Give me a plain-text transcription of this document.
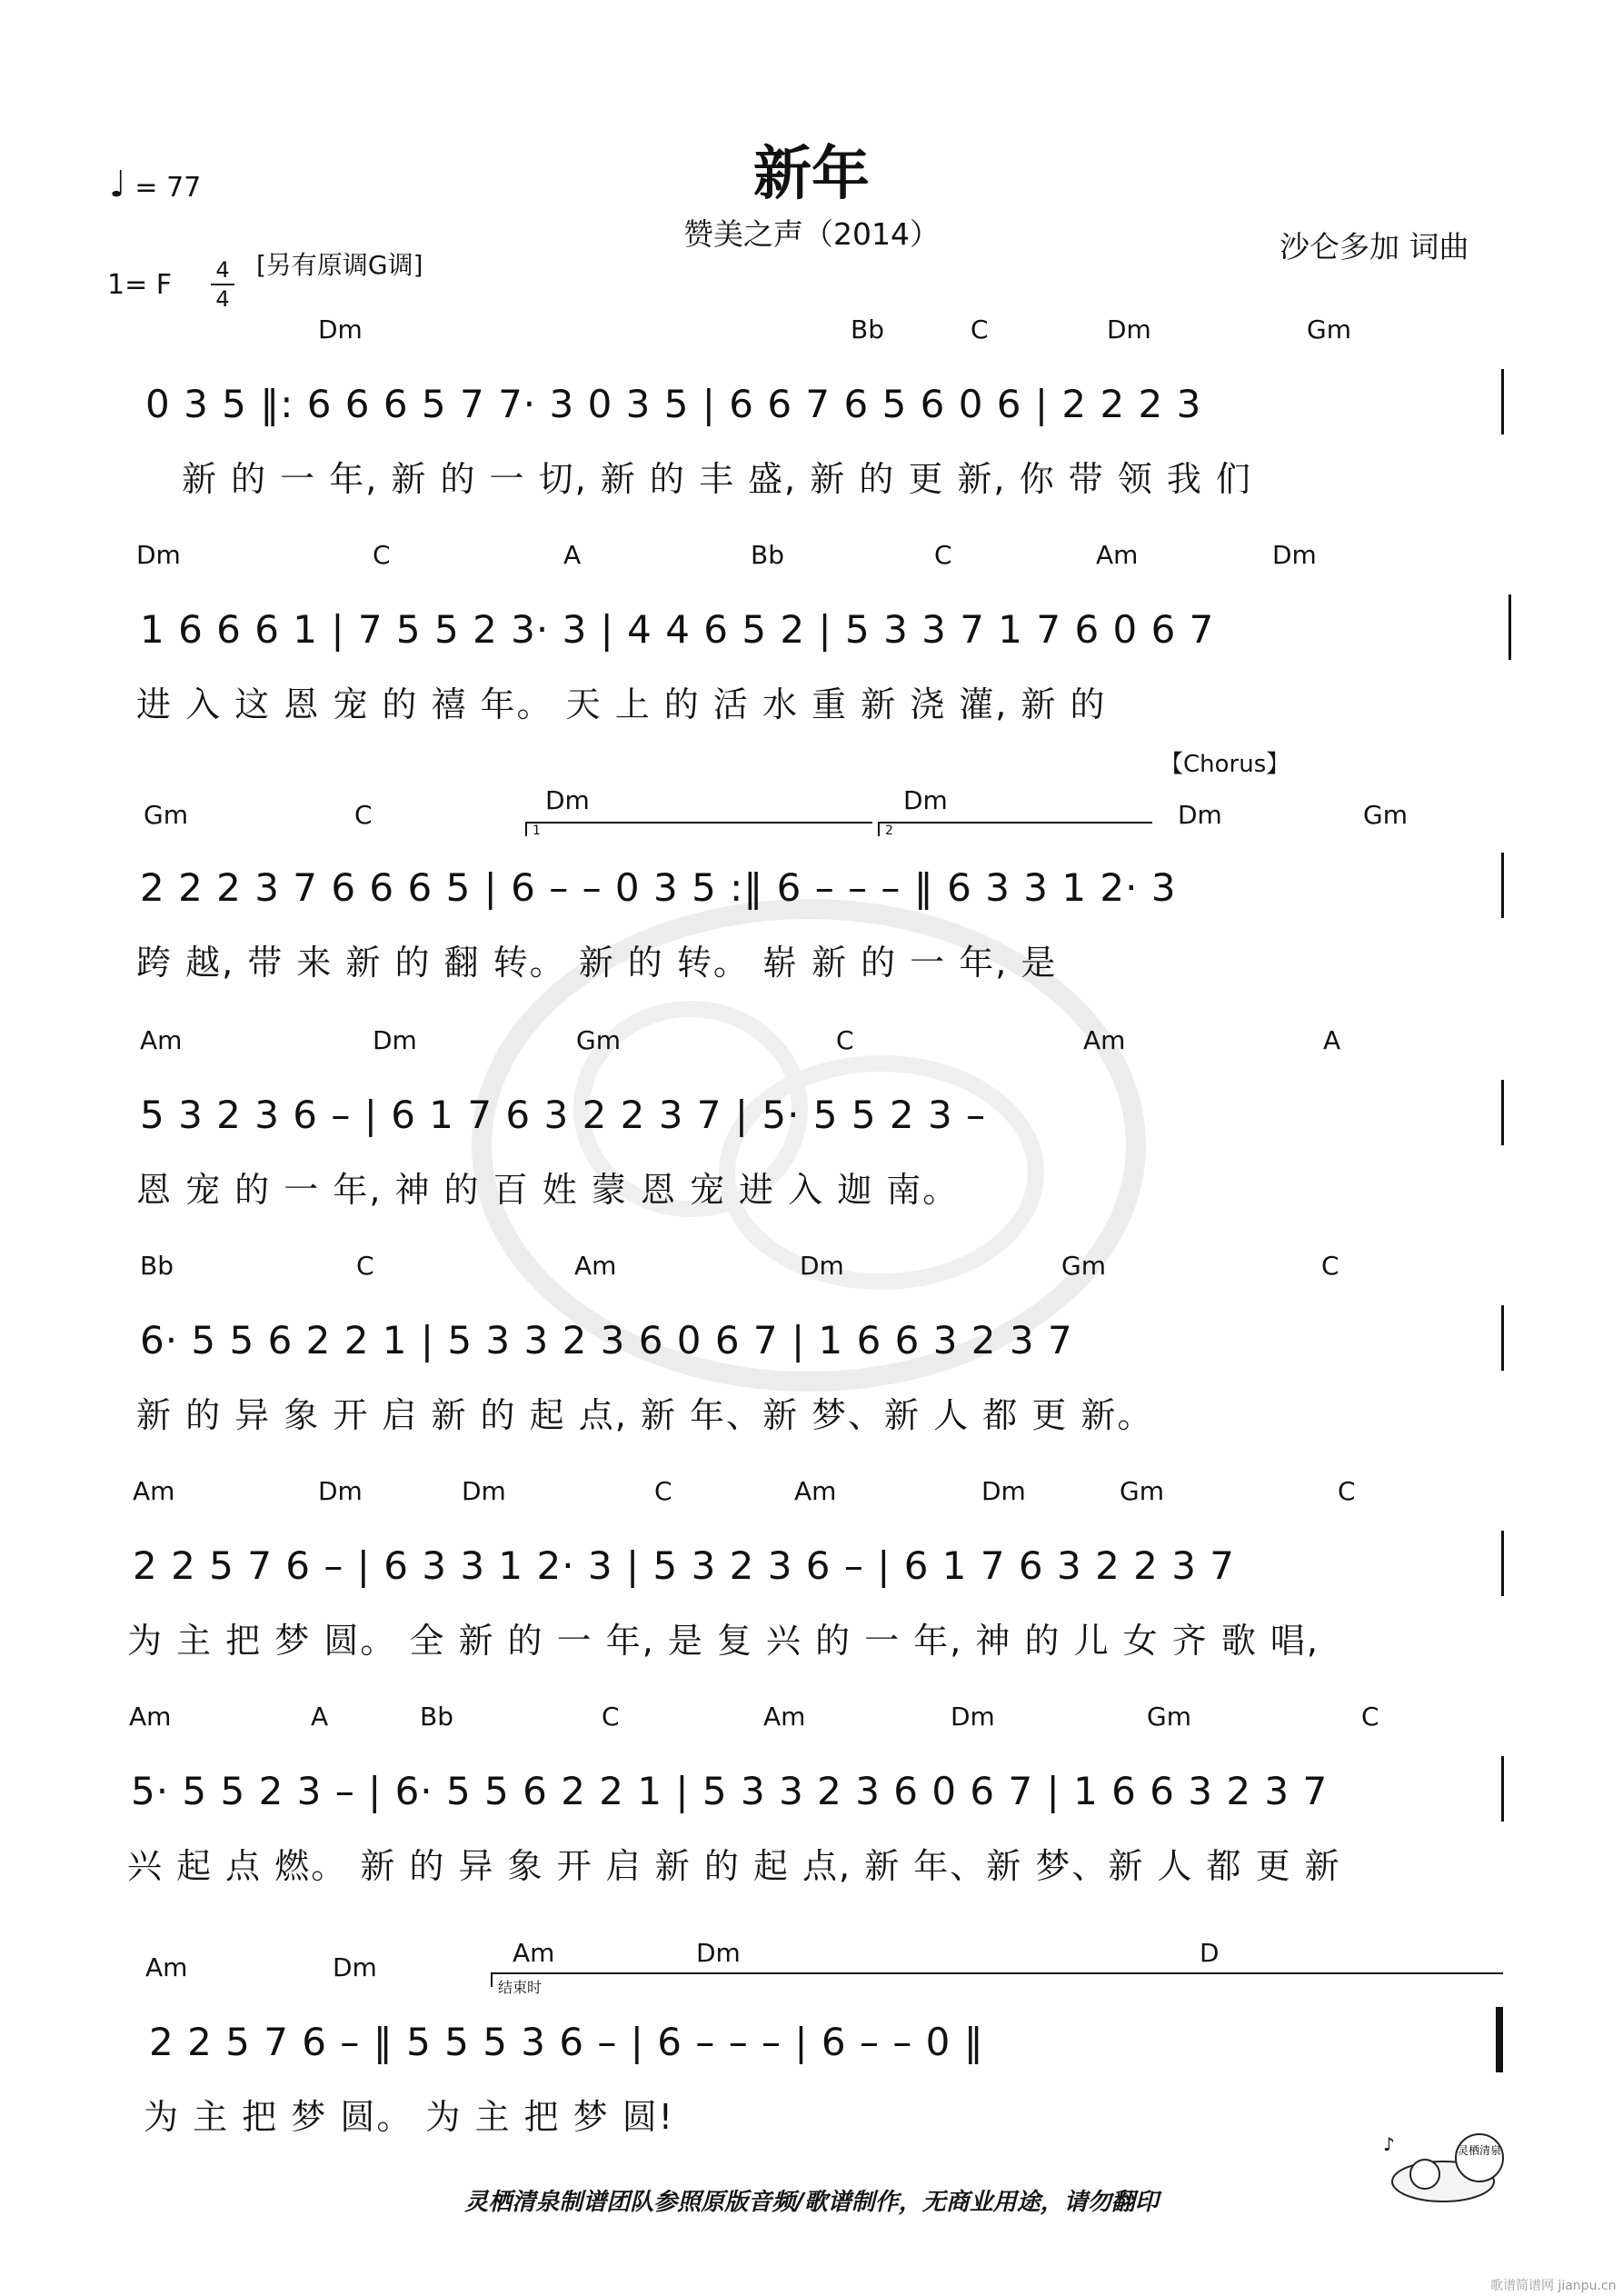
新年
赞美之声（2014）	沙仑多加 词曲
♩ = 77
1= F 4
4
[另有原调G调]
Dm	Bb	C	Dm	Gm
0 3 5 ‖: 6 6 6 5 7 7· 3 0 3 5 | 6 6 7 6 5 6 0 6 | 2 2 2 3
新 的 一 年, 新 的 一 切, 新 的 丰 盛, 新 的 更 新, 你 带 领 我 们
Dm	C	A	Bb	C	Am	Dm
1 6 6 6 1 | 7 5 5 2 3· 3 | 4 4 6 5 2 | 5 3 3 7 1 7 6 0 6 7
进 入 这 恩 宠 的 禧 年。 天 上 的 活 水 重 新 浇 灌, 新 的
【Chorus】
Gm	C	Dm	Dm	Dm	Gm
1	2
2 2 2 3 7 6 6 6 5 | 6 – – 0 3 5 :‖ 6 – – – ‖ 6 3 3 1 2· 3
跨 越, 带 来 新 的 翻 转。 新 的 转。 崭 新 的 一 年, 是
Am	Dm	Gm	C	Am	A
5 3 2 3 6 – | 6 1 7 6 3 2 2 3 7 | 5· 5 5 2 3 –
恩 宠 的 一 年, 神 的 百 姓 蒙 恩 宠 进 入 迦 南。
Bb	C	Am	Dm	Gm	C
6· 5 5 6 2 2 1 | 5 3 3 2 3 6 0 6 7 | 1 6 6 3 2 3 7
新 的 异 象 开 启 新 的 起 点, 新 年、新 梦、新 人 都 更 新。
Am	Dm	Dm	C	Am	Dm	Gm	C
2 2 5 7 6 – | 6 3 3 1 2· 3 | 5 3 2 3 6 – | 6 1 7 6 3 2 2 3 7
为 主 把 梦 圆。 全 新 的 一 年, 是 复 兴 的 一 年, 神 的 儿 女 齐 歌 唱,
Am	A	Bb	C	Am	Dm	Gm	C
5· 5 5 2 3 – | 6· 5 5 6 2 2 1 | 5 3 3 2 3 6 0 6 7 | 1 6 6 3 2 3 7
兴 起 点 燃。 新 的 异 象 开 启 新 的 起 点, 新 年、新 梦、新 人 都 更 新
Am	Dm	Am	Dm	D
结束时
2 2 5 7 6 – ‖ 5 5 5 3 6 – | 6 – – – | 6 – – 0 ‖
为 主 把 梦 圆。 为 主 把 梦 圆!
灵栖清泉
♪
灵栖清泉制谱团队参照原版音频/歌谱制作，无商业用途，请勿翻印
歌谱简谱网 jianpu.cn
